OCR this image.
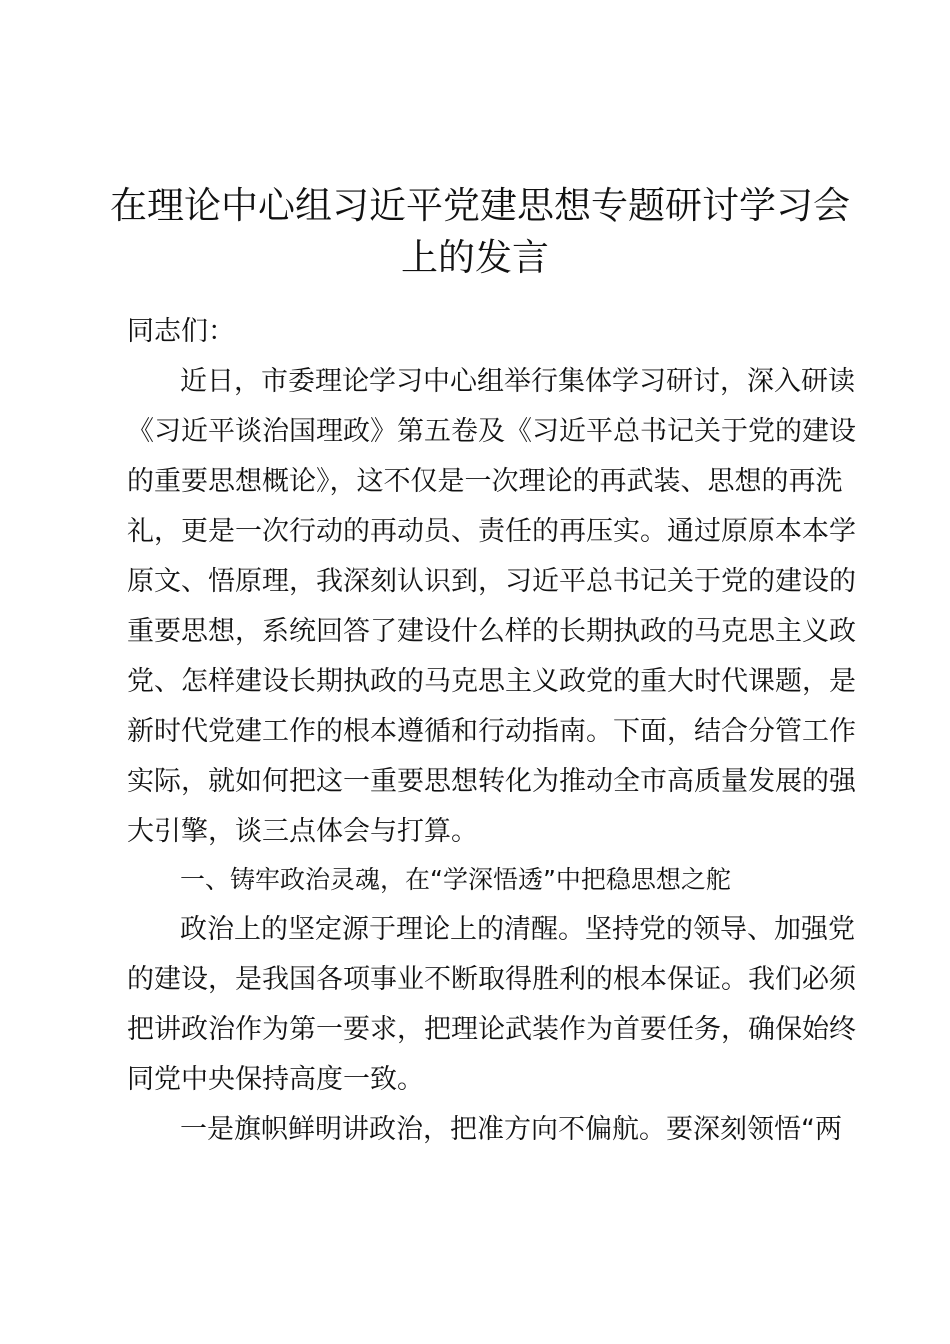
在理论中心组习近平党建思想专题研讨学习会
上的发言

同志们：

近日，市委理论学习中心组举行集体学习研讨，深入研读

《习近平谈治国理政》第五卷及《习近平总书记关于党的建设

的重要思想概论》，这不仅是一次理论的再武装、思想的再洗

礼，更是一次行动的再动员、责任的再压实。通过原原本本学

原文、悟原理，我深刻认识到，习近平总书记关于党的建设的

重要思想，系统回答了建设什么样的长期执政的马克思主义政

党、怎样建设长期执政的马克思主义政党的重大时代课题，是

新时代党建工作的根本遵循和行动指南。下面，结合分管工作

实际，就如何把这一重要思想转化为推动全市高质量发展的强

大引擎，谈三点体会与打算。

一、铸牢政治灵魂，在“学深悟透”中把稳思想之舵

政治上的坚定源于理论上的清醒。坚持党的领导、加强党

的建设，是我国各项事业不断取得胜利的根本保证。我们必须

把讲政治作为第一要求，把理论武装作为首要任务，确保始终

同党中央保持高度一致。

一是旗帜鲜明讲政治，把准方向不偏航。要深刻领悟“两
